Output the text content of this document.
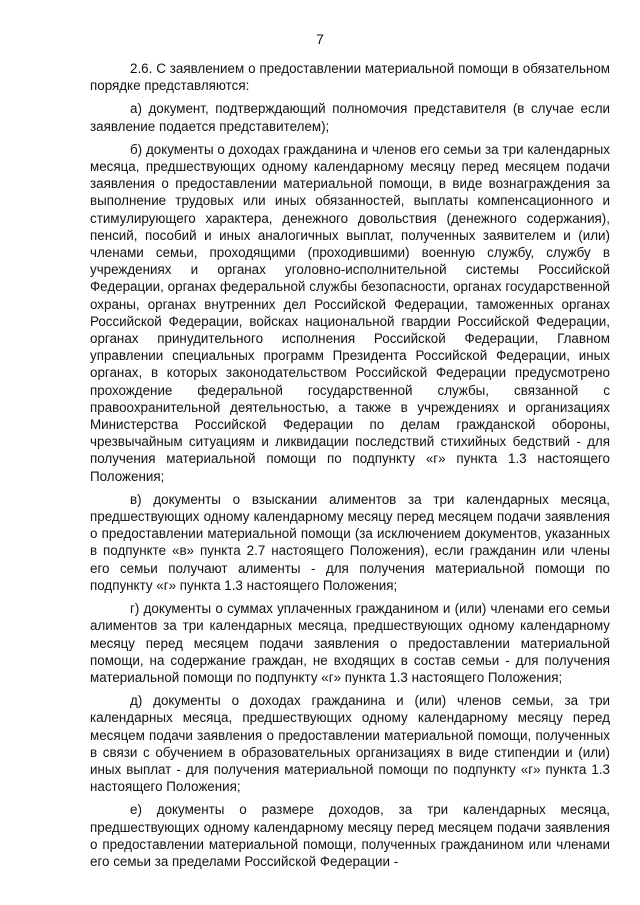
7

2.6. С заявлением о предоставлении материальной помощи в обязательном порядке представляются:

а) документ, подтверждающий полномочия представителя (в случае если заявление подается представителем);

б) документы о доходах гражданина и членов его семьи за три календарных месяца, предшествующих одному календарному месяцу перед месяцем подачи заявления о предоставлении материальной помощи, в виде вознаграждения за выполнение трудовых или иных обязанностей, выплаты компенсационного и стимулирующего характера, денежного довольствия (денежного содержания), пенсий, пособий и иных аналогичных выплат, полученных заявителем и (или) членами семьи, проходящими (проходившими) военную службу, службу в учреждениях и органах уголовно-исполнительной системы Российской Федерации, органах федеральной службы безопасности, органах государственной охраны, органах внутренних дел Российской Федерации, таможенных органах Российской Федерации, войсках национальной гвардии Российской Федерации, органах принудительного исполнения Российской Федерации, Главном управлении специальных программ Президента Российской Федерации, иных органах, в которых законодательством Российской Федерации предусмотрено прохождение федеральной государственной службы, связанной с правоохранительной деятельностью, а также в учреждениях и организациях Министерства Российской Федерации по делам гражданской обороны, чрезвычайным ситуациям и ликвидации последствий стихийных бедствий - для получения материальной помощи по подпункту «г» пункта 1.3 настоящего Положения;

в) документы о взыскании алиментов за три календарных месяца, предшествующих одному календарному месяцу перед месяцем подачи заявления о предоставлении материальной помощи (за исключением документов, указанных в подпункте «в» пункта 2.7 настоящего Положения), если гражданин или члены его семьи получают алименты - для получения материальной помощи по подпункту «г» пункта 1.3 настоящего Положения;

г) документы о суммах уплаченных гражданином и (или) членами его семьи алиментов за три календарных месяца, предшествующих одному календарному месяцу перед месяцем подачи заявления о предоставлении материальной помощи, на содержание граждан, не входящих в состав семьи - для получения материальной помощи по подпункту «г» пункта 1.3 настоящего Положения;

д) документы о доходах гражданина и (или) членов семьи, за три календарных месяца, предшествующих одному календарному месяцу перед месяцем подачи заявления о предоставлении материальной помощи, полученных в связи с обучением в образовательных организациях в виде стипендии и (или) иных выплат - для получения материальной помощи по подпункту «г» пункта 1.3 настоящего Положения;

е) документы о размере доходов, за три календарных месяца, предшествующих одному календарному месяцу перед месяцем подачи заявления о предоставлении материальной помощи, полученных гражданином или членами его семьи за пределами Российской Федерации -
